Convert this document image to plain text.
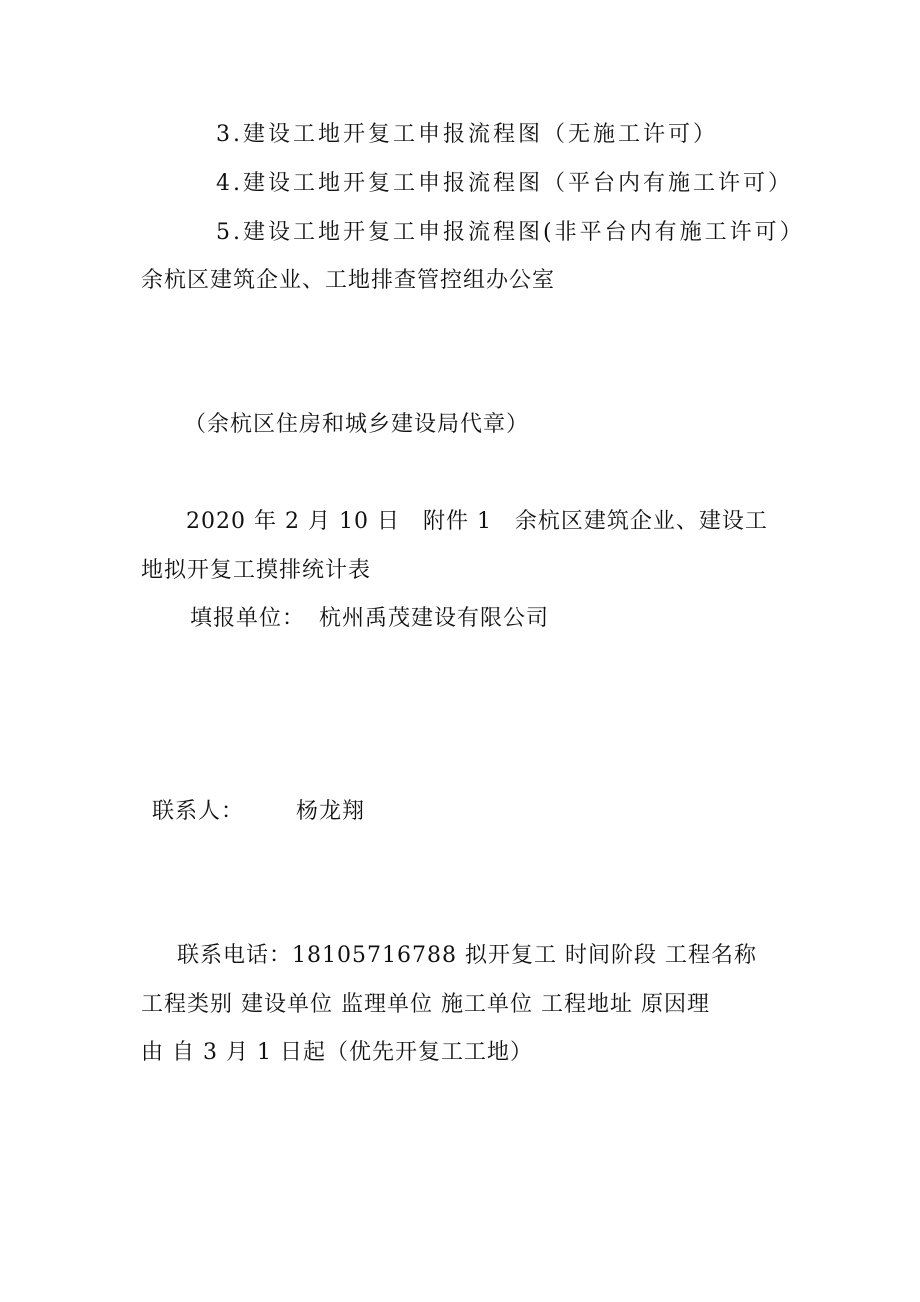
3.建设工地开复工申报流程图（无施工许可）
4.建设工地开复工申报流程图（平台内有施工许可）
5.建设工地开复工申报流程图(非平台内有施工许可）
余杭区建筑企业、工地排查管控组办公室
（余杭区住房和城乡建设局代章）
2020 年 2 月 10 日　附件 1　余杭区建筑企业、建设工
地拟开复工摸排统计表
填报单位： 杭州禹茂建设有限公司
联系人： 杨龙翔
联系电话：18105716788 拟开复工 时间阶段 工程名称
工程类别 建设单位 监理单位 施工单位 工程地址 原因理
由 自 3 月 1 日起（优先开复工工地）
